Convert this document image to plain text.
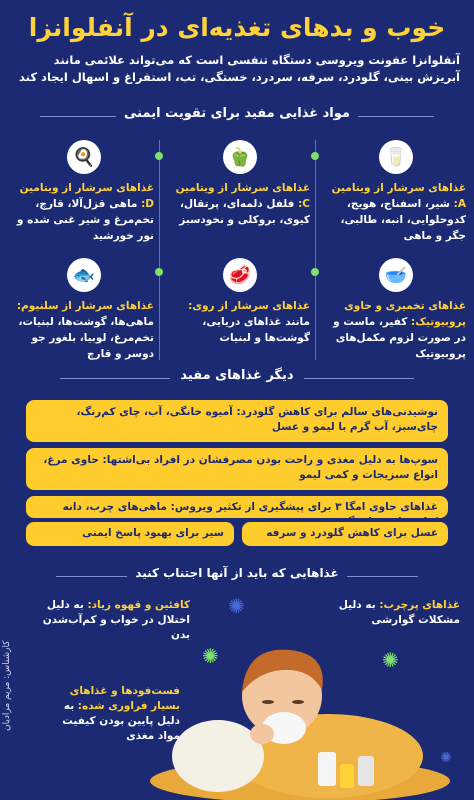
خوب و بدهای تغذیه‌ای در آنفلوانزا
آنفلوانزا عفونت ویروسی دستگاه تنفسی است که می‌تواند علائمی مانند آبریزش بینی، گلودرد، سرفه، سردرد، خستگی، تب، استفراغ و اسهال ایجاد کند
مواد غذایی مفید برای تقویت ایمنی
🥛
غذاهای سرشار از ویتامین A: شیر، اسفناج، هویج، کدوحلوایی، انبه، طالبی، جگر و ماهی
🫑
غذاهای سرشار از ویتامین C: فلفل دلمه‌ای، پرتقال، کیوی، بروکلی و نخودسبز
🍳
غذاهای سرشار از ویتامین D: ماهی قزل‌آلا، قارچ، تخم‌مرغ و شیر غنی شده و نور خورشید
🥣
غذاهای تخمیری و حاوی پروبیوتیک: کفیر، ماست و در صورت لزوم مکمل‌های پروبیوتیک
🥩
غذاهای سرشار از روی: مانند غذاهای دریایی، گوشت‌ها و لبنیات
🐟
غذاهای سرشار از سلنیوم: ماهی‌ها، گوشت‌ها، لبنیات، تخم‌مرغ، لوبیا، بلغور جو دوسر و قارچ
دیگر غذاهای مفید
نوشیدنی‌های سالم برای کاهش گلودرد: آمیوه خانگی، آب، چای کم‌رنگ، چای‌سبز، آب گرم با لیمو و عسل
سوپ‌ها به دلیل مغذی و راحت بودن مصرفشان در افراد بی‌اشتها: حاوی مرغ، انواع سبزیجات و کمی لیمو
غذاهای حاوی امگا ۳ برای پیشگیری از تکثیر ویروس: ماهی‌های چرب، دانه
عسل برای کاهش گلودرد و سرفه
سیر برای بهبود پاسخ ایمنی
غذاهایی که باید از آنها اجتناب کنید
غذاهای پرچرب: به دلیل مشکلات گوارشی
کافئین و قهوه زیاد: به دلیل اختلال در خواب و کم‌آب‌شدن بدن
فست‌فودها و غذاهای بسیار فراوری شده: به دلیل پایین بودن کیفیت مواد مغذی
✺
✺	✺
✺
کارشناس: مریم مرادیان
